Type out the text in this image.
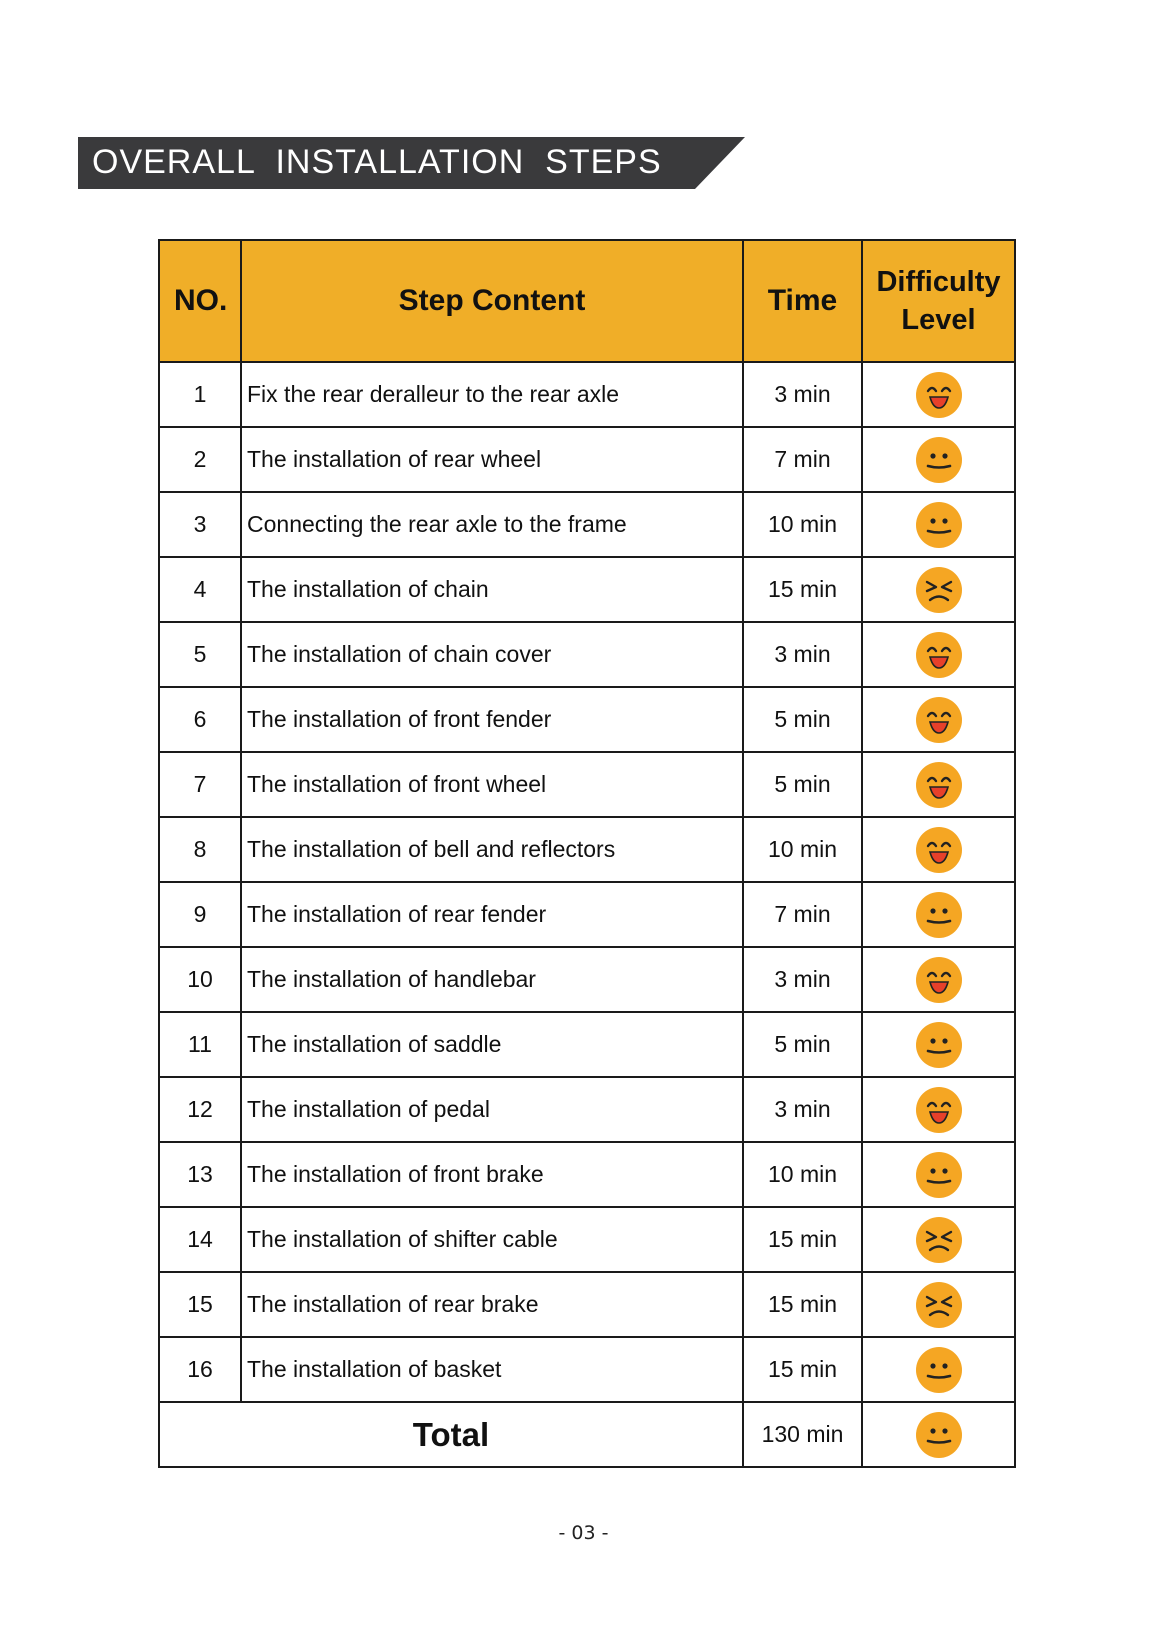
OVERALL  INSTALLATION  STEPS
NO.	Step Content	Time	Difficulty
Level
1	Fix the rear deralleur to the rear axle	3 min	
2	The installation of rear wheel	7 min	
3	Connecting the rear axle to the frame	10 min	
4	The installation of chain	15 min	
5	The installation of chain cover	3 min	
6	The installation of front fender	5 min	
7	The installation of front wheel	5 min	
8	The installation of bell and reflectors	10 min	
9	The installation of rear fender	7 min	
10	The installation of handlebar	3 min	
11	The installation of saddle	5 min	
12	The installation of pedal	3 min	
13	The installation of front brake	10 min	
14	The installation of shifter cable	15 min	
15	The installation of rear brake	15 min	
16	The installation of basket	15 min	
Total		130 min	
- 03 -
